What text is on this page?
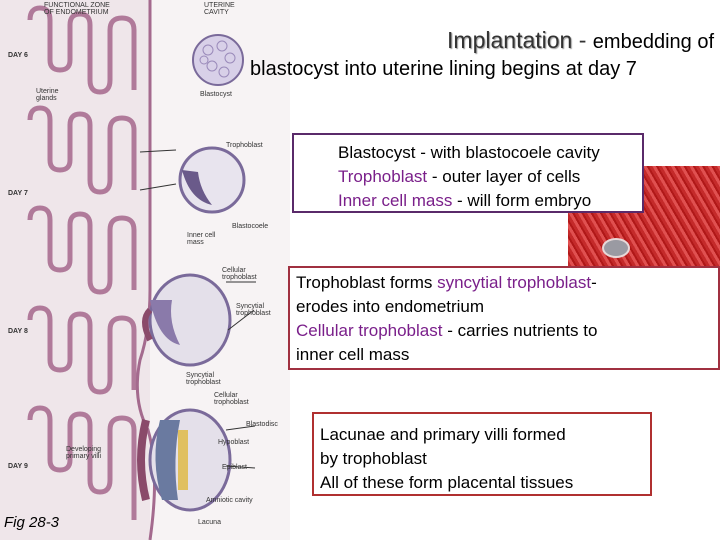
FUNCTIONAL ZONE
OF ENDOMETRIUM
UTERINE
CAVITY
DAY 6
DAY 7
DAY 8
DAY 9
Blastocyst
Uterine
glands
Trophoblast
Blastocoele
Inner cell
mass
Cellular
trophoblast
Syncytial
trophoblast
Syncytial
trophoblast
Cellular
trophoblast
Blastodisc
Hypoblast
Epiblast
Developing
primary villi
Amniotic cavity
Lacuna
Implantation - embedding of
blastocyst into uterine lining begins at day 7
Blastocyst - with blastocoele cavity
Trophoblast - outer layer of cells
Inner cell mass - will form embryo
Trophoblast forms syncytial trophoblast-
erodes into endometrium
Cellular trophoblast - carries nutrients to
inner cell mass
Lacunae and primary villi formed
by trophoblast
All of these form placental tissues
Fig 28-3
